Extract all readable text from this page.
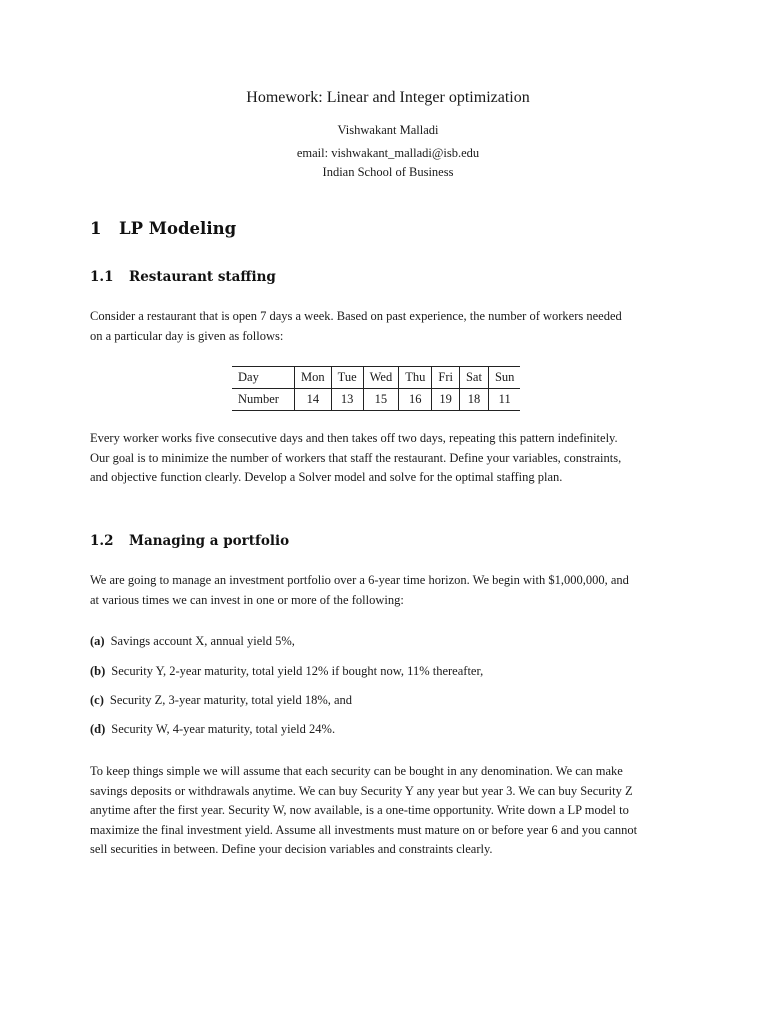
Homework: Linear and Integer optimization
Vishwakant Malladi
email: vishwakant_malladi@isb.edu
Indian School of Business
1 LP Modeling
1.1 Restaurant staffing
Consider a restaurant that is open 7 days a week. Based on past experience, the number of workers needed
on a particular day is given as follows:
Day	Mon	Tue	Wed	Thu	Fri	Sat	Sun
Number	14	13	15	16	19	18	11
Every worker works five consecutive days and then takes off two days, repeating this pattern indefinitely.
Our goal is to minimize the number of workers that staff the restaurant. Define your variables, constraints,
and objective function clearly. Develop a Solver model and solve for the optimal staffing plan.
1.2 Managing a portfolio
We are going to manage an investment portfolio over a 6-year time horizon. We begin with $1,000,000, and
at various times we can invest in one or more of the following:
(a) Savings account X, annual yield 5%,
(b) Security Y, 2-year maturity, total yield 12% if bought now, 11% thereafter,
(c) Security Z, 3-year maturity, total yield 18%, and
(d) Security W, 4-year maturity, total yield 24%.
To keep things simple we will assume that each security can be bought in any denomination. We can make
savings deposits or withdrawals anytime. We can buy Security Y any year but year 3. We can buy Security Z
anytime after the first year. Security W, now available, is a one-time opportunity. Write down a LP model to
maximize the final investment yield. Assume all investments must mature on or before year 6 and you cannot
sell securities in between. Define your decision variables and constraints clearly.
